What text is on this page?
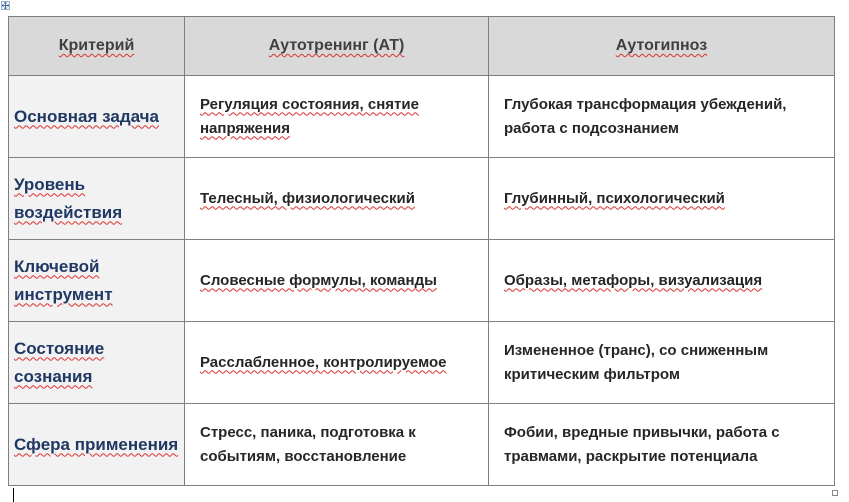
Критерий	Аутотренинг (АТ)	Аутогипноз
Основная задача	Регуляция состояния, снятие напряжения	Глубокая трансформация убеждений, работа с подсознанием
Уровень воздействия	Телесный, физиологический	Глубинный, психологический
Ключевой инструмент	Словесные формулы, команды	Образы, метафоры, визуализация
Состояние сознания	Расслабленное, контролируемое	Измененное (транс), со сниженным критическим фильтром
Сфера применения	Стресс, паника, подготовка к событиям, восстановление	Фобии, вредные привычки, работа с травмами, раскрытие потенциала
